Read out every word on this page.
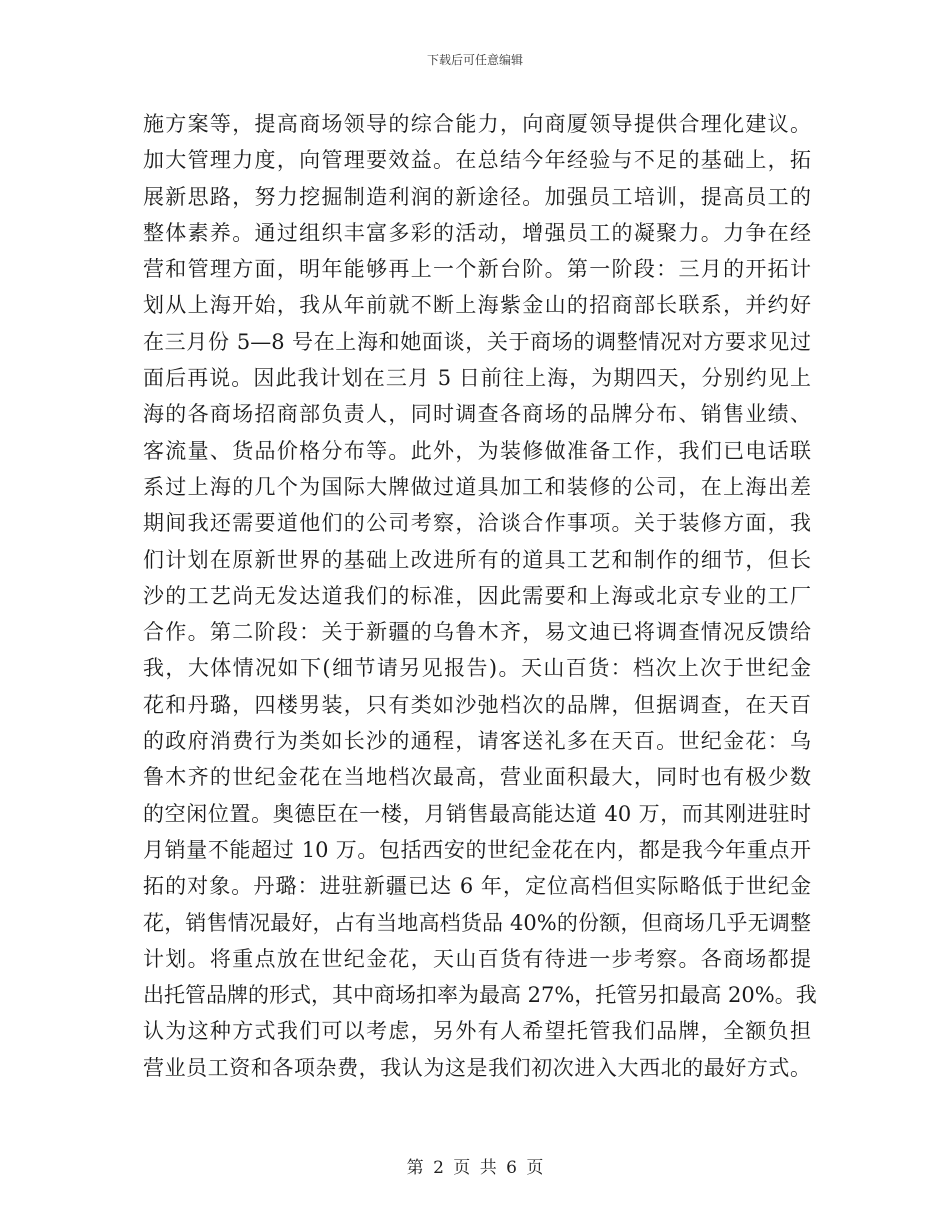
下载后可任意编辑
施方案等，提高商场领导的综合能力，向商厦领导提供合理化建议。
加大管理力度，向管理要效益。在总结今年经验与不足的基础上，拓
展新思路，努力挖掘制造利润的新途径。加强员工培训，提高员工的
整体素养。通过组织丰富多彩的活动，增强员工的凝聚力。力争在经
营和管理方面，明年能够再上一个新台阶。第一阶段：三月的开拓计
划从上海开始，我从年前就不断上海紫金山的招商部长联系，并约好
在三月份 5—8 号在上海和她面谈，关于商场的调整情况对方要求见过
面后再说。因此我计划在三月 5 日前往上海，为期四天，分别约见上
海的各商场招商部负责人，同时调查各商场的品牌分布、销售业绩、
客流量、货品价格分布等。此外，为装修做准备工作，我们已电话联
系过上海的几个为国际大牌做过道具加工和装修的公司，在上海出差
期间我还需要道他们的公司考察，洽谈合作事项。关于装修方面，我
们计划在原新世界的基础上改进所有的道具工艺和制作的细节，但长
沙的工艺尚无发达道我们的标准，因此需要和上海或北京专业的工厂
合作。第二阶段：关于新疆的乌鲁木齐，易文迪已将调查情况反馈给
我，大体情况如下(细节请另见报告)。天山百货：档次上次于世纪金
花和丹璐，四楼男装，只有类如沙弛档次的品牌，但据调查，在天百
的政府消费行为类如长沙的通程，请客送礼多在天百。世纪金花：乌
鲁木齐的世纪金花在当地档次最高，营业面积最大，同时也有极少数
的空闲位置。奥德臣在一楼，月销售最高能达道 40 万，而其刚进驻时
月销量不能超过 10 万。包括西安的世纪金花在内，都是我今年重点开
拓的对象。丹璐：进驻新疆已达 6 年，定位高档但实际略低于世纪金
花，销售情况最好，占有当地高档货品 40%的份额，但商场几乎无调整
计划。将重点放在世纪金花，天山百货有待进一步考察。各商场都提
出托管品牌的形式，其中商场扣率为最高 27%，托管另扣最高 20%。我
认为这种方式我们可以考虑，另外有人希望托管我们品牌，全额负担
营业员工资和各项杂费，我认为这是我们初次进入大西北的最好方式。
第 2 页 共 6 页
